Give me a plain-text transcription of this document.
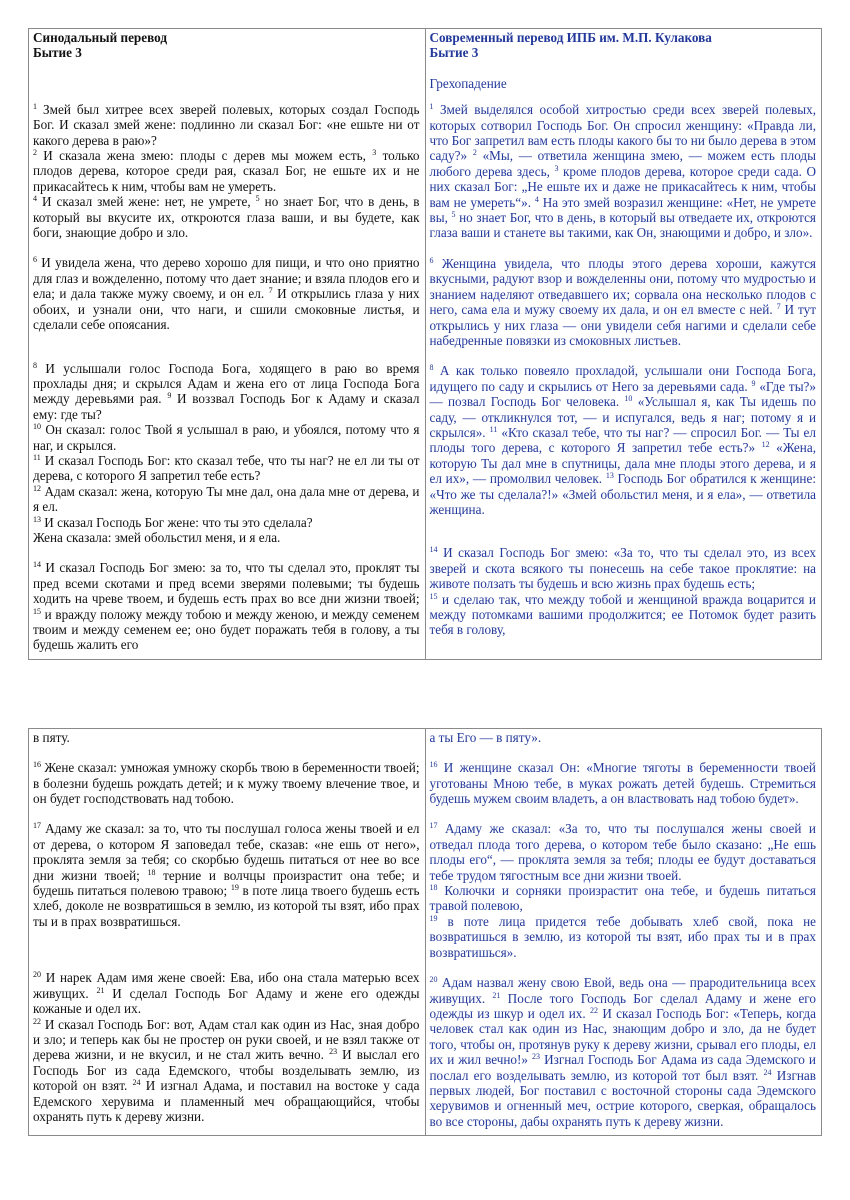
Синодальный перевод
Бытие 3
$^1$ Змей был хитрее всех зверей полевых, которых создал Господь Бог. И сказал змей жене: подлинно ли сказал Бог: «не ешьте ни от какого дерева в раю»?
$^2$ И сказала жена змею: плоды с дерев мы можем есть, $^3$ только плодов дерева, которое среди рая, сказал Бог, не ешьте их и не прикасайтесь к ним, чтобы вам не умереть.
$^4$ И сказал змей жене: нет, не умрете, $^5$ но знает Бог, что в день, в который вы вкусите их, откроются глаза ваши, и вы будете, как боги, знающие добро и зло.
$^6$ И увидела жена, что дерево хорошо для пищи, и что оно приятно для глаз и вожделенно, потому что дает знание; и взяла плодов его и ела; и дала также мужу своему, и он ел. $^7$ И открылись глаза у них обоих, и узнали они, что наги, и сшили смоковные листья, и сделали себе опоясания.
$^8$ И услышали голос Господа Бога, ходящего в раю во время прохлады дня; и скрылся Адам и жена его от лица Господа Бога между деревьями рая. $^9$ И воззвал Господь Бог к Адаму и сказал ему: где ты?
$^{10}$ Он сказал: голос Твой я услышал в раю, и убоялся, потому что я наг, и скрылся.
$^{11}$ И сказал Господь Бог: кто сказал тебе, что ты наг? не ел ли ты от дерева, с которого Я запретил тебе есть?
$^{12}$ Адам сказал: жена, которую Ты мне дал, она дала мне от дерева, и я ел.
$^{13}$ И сказал Господь Бог жене: что ты это сделала?
Жена сказала: змей обольстил меня, и я ела.
$^{14}$ И сказал Господь Бог змею: за то, что ты сделал это, проклят ты пред всеми скотами и пред всеми зверями полевыми; ты будешь ходить на чреве твоем, и будешь есть прах во все дни жизни твоей; $^{15}$ и вражду положу между тобою и между женою, и между семенем твоим и между семенем ее; оно будет поражать тебя в голову, а ты будешь жалить его
Современный перевод ИПБ им. М.П. Кулакова
Бытие 3
Грехопадение
$^1$ Змей выделялся особой хитростью среди всех зверей полевых, которых сотворил Господь Бог. Он спросил женщину: «Правда ли, что Бог запретил вам есть плоды какого бы то ни было дерева в этом саду?» $^2$ «Мы, — ответила женщина змею, — можем есть плоды любого дерева здесь, $^3$ кроме плодов дерева, которое среди сада. О них сказал Бог: „Не ешьте их и даже не прикасайтесь к ним, чтобы вам не умереть“». $^4$ На это змей возразил женщине: «Нет, не умрете вы, $^5$ но знает Бог, что в день, в который вы отведаете их, откроются глаза ваши и станете вы такими, как Он, знающими и добро, и зло».
$^6$ Женщина увидела, что плоды этого дерева хороши, кажутся вкусными, радуют взор и вожделенны они, потому что мудростью и знанием наделяют отведавшего их; сорвала она несколько плодов с него, сама ела и мужу своему их дала, и он ел вместе с ней. $^7$ И тут открылись у них глаза — они увидели себя нагими и сделали себе набедренные повязки из смоковных листьев.
$^8$ А как только повеяло прохладой, услышали они Господа Бога, идущего по саду и скрылись от Него за деревьями сада. $^9$ «Где ты?» — позвал Господь Бог человека. $^{10}$ «Услышал я, как Ты идешь по саду, — откликнулся тот, — и испугался, ведь я наг; потому я и скрылся». $^{11}$ «Кто сказал тебе, что ты наг? — спросил Бог. — Ты ел плоды того дерева, с которого Я запретил тебе есть?» $^{12}$ «Жена, которую Ты дал мне в спутницы, дала мне плоды этого дерева, и я ел их», — промолвил человек. $^{13}$ Господь Бог обратился к женщине: «Что же ты сделала?!» «Змей обольстил меня, и я ела», — ответила женщина.
$^{14}$ И сказал Господь Бог змею: «За то, что ты сделал это, из всех зверей и скота всякого ты понесешь на себе такое проклятие: на животе ползать ты будешь и всю жизнь прах будешь есть;
$^{15}$ и сделаю так, что между тобой и женщиной вражда воцарится и между потомками вашими продолжится; ее Потомок будет разить тебя в голову,
в пяту.
$^{16}$ Жене сказал: умножая умножу скорбь твою в беременности твоей; в болезни будешь рождать детей; и к мужу твоему влечение твое, и он будет господствовать над тобою.
$^{17}$ Адаму же сказал: за то, что ты послушал голоса жены твоей и ел от дерева, о котором Я заповедал тебе, сказав: «не ешь от него», проклята земля за тебя; со скорбью будешь питаться от нее во все дни жизни твоей; $^{18}$ терние и волчцы произрастит она тебе; и будешь питаться полевою травою; $^{19}$ в поте лица твоего будешь есть хлеб, доколе не возвратишься в землю, из которой ты взят, ибо прах ты и в прах возвратишься.
$^{20}$ И нарек Адам имя жене своей: Ева, ибо она стала матерью всех живущих. $^{21}$ И сделал Господь Бог Адаму и жене его одежды кожаные и одел их.
$^{22}$ И сказал Господь Бог: вот, Адам стал как один из Нас, зная добро и зло; и теперь как бы не простер он руки своей, и не взял также от дерева жизни, и не вкусил, и не стал жить вечно. $^{23}$ И выслал его Господь Бог из сада Едемского, чтобы возделывать землю, из которой он взят. $^{24}$ И изгнал Адама, и поставил на востоке у сада Едемского херувима и пламенный меч обращающийся, чтобы охранять путь к дереву жизни.
а ты Его — в пяту».
$^{16}$ И женщине сказал Он: «Многие тяготы в беременности твоей уготованы Мною тебе, в муках рожать детей будешь. Стремиться будешь мужем своим владеть, а он властвовать над тобою будет».
$^{17}$ Адаму же сказал: «За то, что ты послушался жены своей и отведал плода того дерева, о котором тебе было сказано: „Не ешь плоды его“, — проклята земля за тебя; плоды ее будут доставаться тебе трудом тягостным все дни жизни твоей.
$^{18}$ Колючки и сорняки произрастит она тебе, и будешь питаться травой полевою,
$^{19}$ в поте лица придется тебе добывать хлеб свой, пока не возвратишься в землю, из которой ты взят, ибо прах ты и в прах возвратишься».
$^{20}$ Адам назвал жену свою Евой, ведь она — прародительница всех живущих. $^{21}$ После того Господь Бог сделал Адаму и жене его одежды из шкур и одел их. $^{22}$ И сказал Господь Бог: «Теперь, когда человек стал как один из Нас, знающим добро и зло, да не будет того, чтобы он, протянув руку к дереву жизни, срывал его плоды, ел их и жил вечно!» $^{23}$ Изгнал Господь Бог Адама из сада Эдемского и послал его возделывать землю, из которой тот был взят. $^{24}$ Изгнав первых людей, Бог поставил с восточной стороны сада Эдемского херувимов и огненный меч, острие которого, сверкая, обращалось во все стороны, дабы охранять путь к дереву жизни.
